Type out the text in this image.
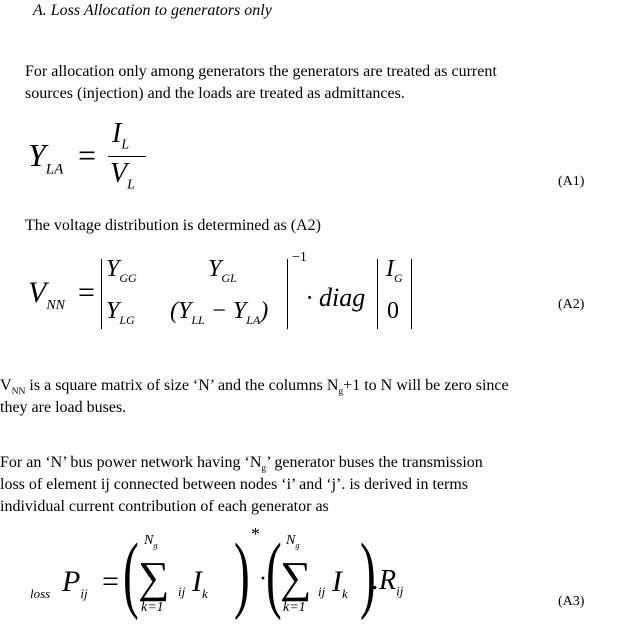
A. Loss Allocation to generators only
For allocation only among generators the generators are treated as current
sources (injection) and the loads are treated as admittances.
$Y_{LA}$ =
$I_L$
$V_L$	(A1)
The voltage distribution is determined as (A2)
$V_{NN}$ =
$Y_{GG}$	$Y_{GL}$
$Y_{LG}$ $(Y_{LL} - Y_{LA})$
−1
· diag
$I_G$
0	(A2)
$V_{NN}$ is a square matrix of size ‘N’ and the columns $N_g+1$ to N will be zero since
they are load buses.
For an ‘N’ bus power network having ‘$N_g$’ generator buses the transmission
loss of element ij connected between nodes ‘i’ and ‘j’. is derived in terms
individual current contribution of each generator as
loss $P_{ij}$ = ( $N_g$
∑
k=1
ij $I_k$ ) *
· ( $N_g$
∑
k=1
ij $I_k$ )
$.R_{ij}$
(A3)
